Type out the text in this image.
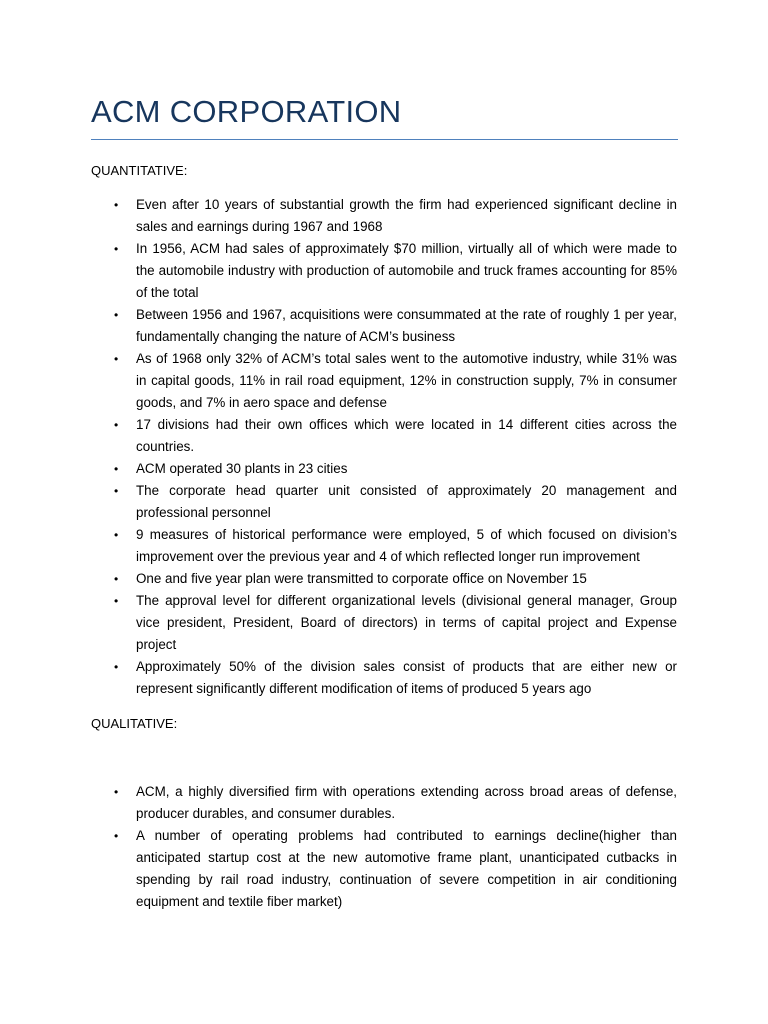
ACM CORPORATION
QUANTITATIVE:
•	Even after 10 years of substantial growth the firm had experienced significant decline in sales and earnings during 1967 and 1968
•	In 1956, ACM had sales of approximately $70 million, virtually all of which were made to the automobile industry with production of automobile and truck frames accounting for 85% of the total
•	Between 1956 and 1967, acquisitions were consummated at the rate of roughly 1 per year, fundamentally changing the nature of ACM’s business
•	As of 1968 only 32% of ACM’s total sales went to the automotive industry, while 31% was in capital goods, 11% in rail road equipment, 12% in construction supply, 7% in consumer goods, and 7% in aero space and defense
•	17 divisions had their own offices which were located in 14 different cities across the countries.
•	ACM operated 30 plants in 23 cities
•	The corporate head quarter unit consisted of approximately 20 management and professional personnel
•	9 measures of historical performance were employed, 5 of which focused on division’s improvement over the previous year and 4 of which reflected longer run improvement
•	One and five year plan were transmitted to corporate office on November 15
•	The approval level for different organizational levels (divisional general manager, Group vice president, President, Board of directors) in terms of capital project and Expense project
•	Approximately 50% of the division sales consist of products that are either new or represent significantly different modification of items of produced 5 years ago
QUALITATIVE:
•	ACM, a highly diversified firm with operations extending across broad areas of defense, producer durables, and consumer durables.
•	A number of operating problems had contributed to earnings decline(higher than anticipated startup cost at the new automotive frame plant, unanticipated cutbacks in spending by rail road industry, continuation of severe competition in air conditioning equipment and textile fiber market)
